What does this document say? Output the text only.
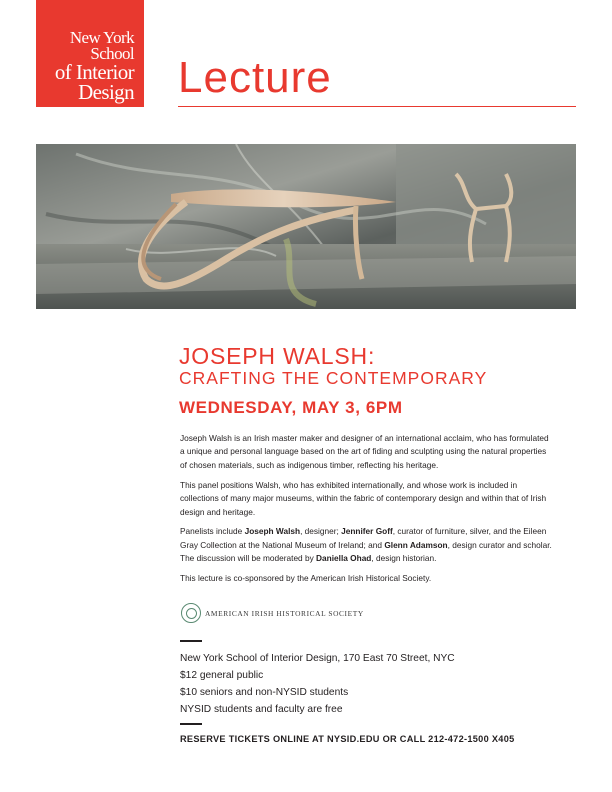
New York
School
of Interior
Design Lecture
JOSEPH WALSH:
CRAFTING THE CONTEMPORARY
WEDNESDAY, MAY 3, 6PM

Joseph Walsh is an Irish master maker and designer of an international acclaim, who has formulated a unique and personal language based on the art of fiding and sculpting using the natural properties of chosen materials, such as indigenous timber, reflecting his heritage.

This panel positions Walsh, who has exhibited internationally, and whose work is included in collections of many major museums, within the fabric of contemporary design and within that of Irish design and heritage.

Panelists include Joseph Walsh, designer; Jennifer Goff, curator of furniture, silver, and the Eileen Gray Collection at the National Museum of Ireland; and Glenn Adamson, design curator and scholar. The discussion will be moderated by Daniella Ohad, design historian.

This lecture is co-sponsored by the American Irish Historical Society.

AMERICAN IRISH HISTORICAL SOCIETY
New York School of Interior Design, 170 East 70 Street, NYC
$12 general public
$10 seniors and non-NYSID students
NYSID students and faculty are free
RESERVE TICKETS ONLINE AT NYSID.EDU OR CALL 212-472-1500 X405
